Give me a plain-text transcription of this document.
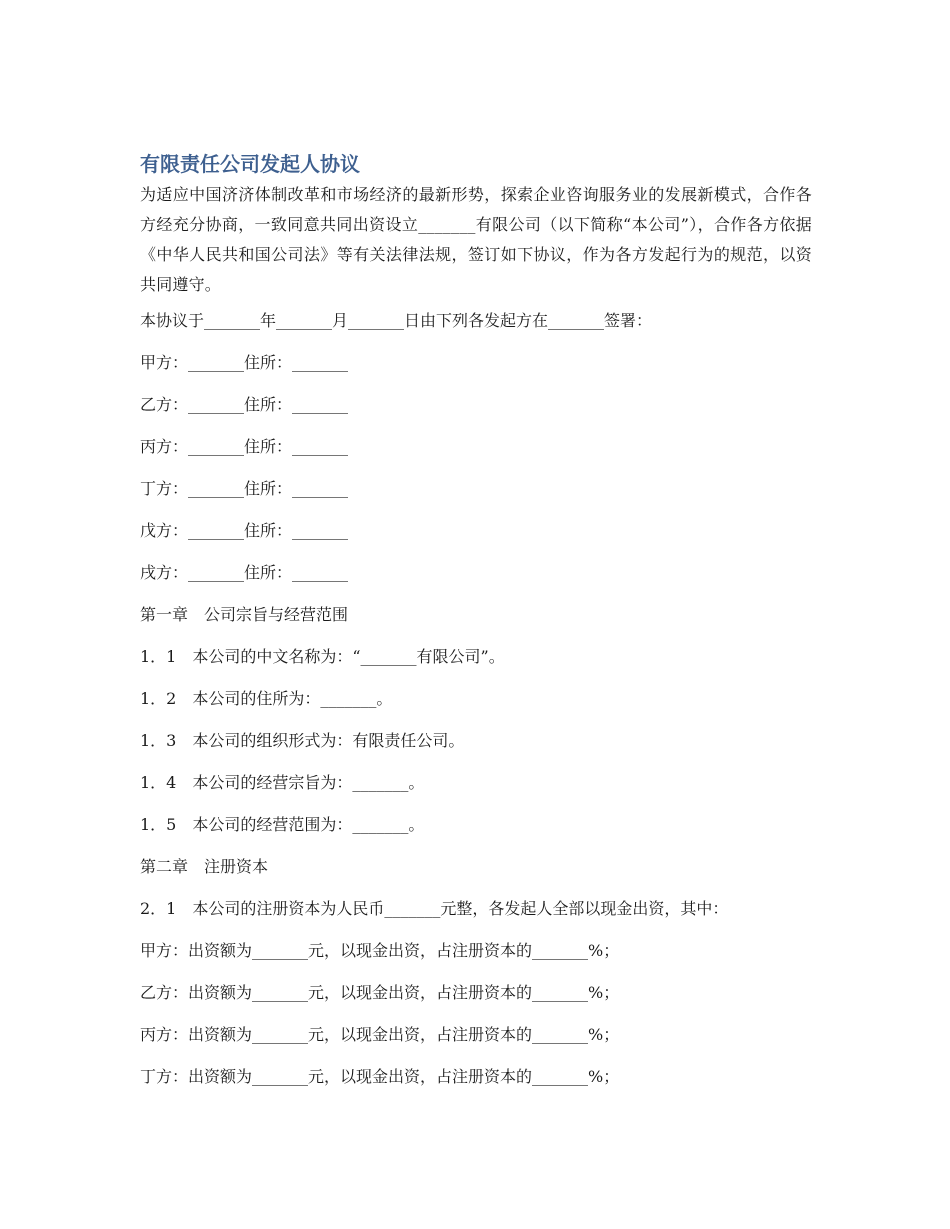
有限责任公司发起人协议

为适应中国济济体制改革和市场经济的最新形势，探索企业咨询服务业的发展新模式，合作各方经充分协商，一致同意共同出资设立_______有限公司（以下简称“本公司”），合作各方依据《中华人民共和国公司法》等有关法律法规，签订如下协议，作为各方发起行为的规范，以资共同遵守。

本协议于_______年_______月_______日由下列各发起方在_______签署：

甲方：_______住所：_______

乙方：_______住所：_______

丙方：_______住所：_______

丁方：_______住所：_______

戊方：_______住所：_______

戌方：_______住所：_______

第一章　公司宗旨与经营范围

1．1　本公司的中文名称为：“_______有限公司”。

1．2　本公司的住所为：_______。

1．3　本公司的组织形式为：有限责任公司。

1．4　本公司的经营宗旨为：_______。

1．5　本公司的经营范围为：_______。

第二章　注册资本

2．1　本公司的注册资本为人民币_______元整，各发起人全部以现金出资，其中：

甲方：出资额为_______元，以现金出资，占注册资本的_______%；

乙方：出资额为_______元，以现金出资，占注册资本的_______%；

丙方：出资额为_______元，以现金出资，占注册资本的_______%；

丁方：出资额为_______元，以现金出资，占注册资本的_______%；
